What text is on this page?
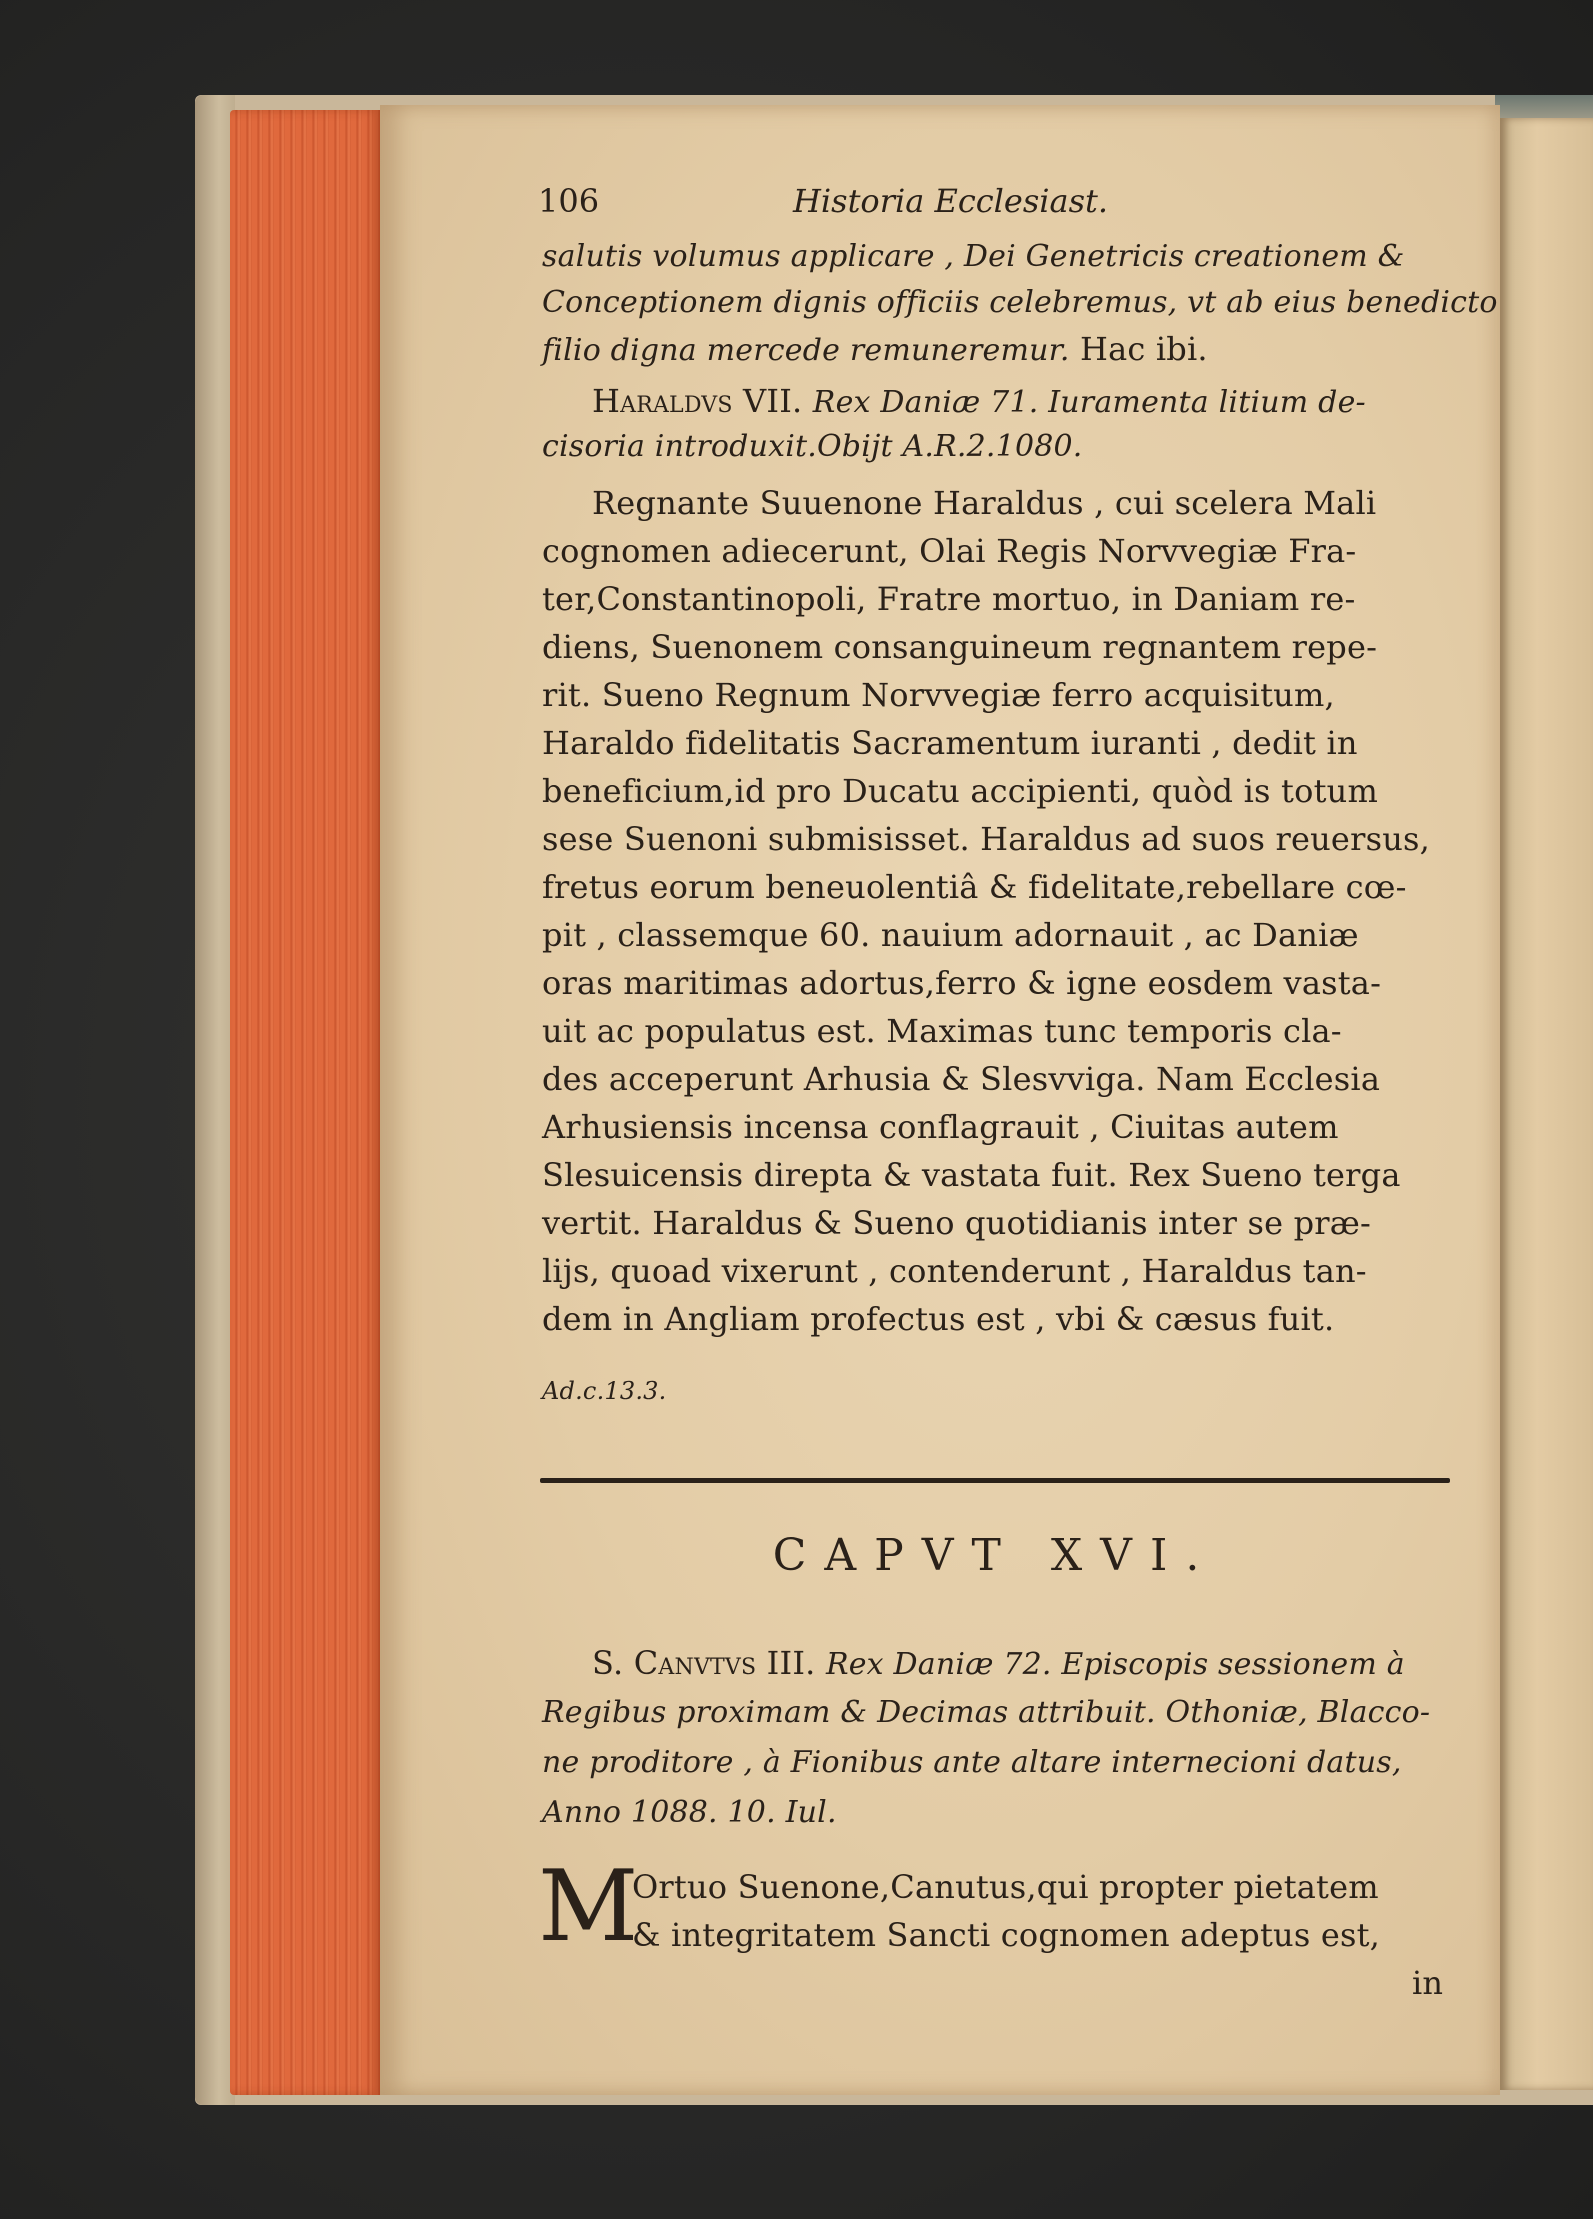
106	Historia Ecclesiast.
salutis volumus applicare , Dei Genetricis creationem &
Conceptionem dignis officiis celebremus, vt ab eius benedicto
filio digna mercede remuneremur. Hac ibi.
Haraldvs VII. Rex Daniæ 71. Iuramenta litium de-
cisoria introduxit.Obijt A.R.2.1080.
Regnante Suuenone Haraldus , cui scelera Mali
cognomen adiecerunt, Olai Regis Norvvegiæ Fra-
ter,Constantinopoli, Fratre mortuo, in Daniam re-
diens, Suenonem consanguineum regnantem repe-
rit. Sueno Regnum Norvvegiæ ferro acquisitum,
Haraldo fidelitatis Sacramentum iuranti , dedit in
beneficium,id pro Ducatu accipienti, quòd is totum
sese Suenoni submisisset. Haraldus ad suos reuersus,
fretus eorum beneuolentiâ & fidelitate,rebellare cœ-
pit , classemque 60. nauium adornauit , ac Daniæ
oras maritimas adortus,ferro & igne eosdem vasta-
uit ac populatus est. Maximas tunc temporis cla-
des acceperunt Arhusia & Slesvviga. Nam Ecclesia
Arhusiensis incensa conflagrauit , Ciuitas autem
Slesuicensis direpta & vastata fuit. Rex Sueno terga
vertit. Haraldus & Sueno quotidianis inter se præ-
lijs, quoad vixerunt , contenderunt , Haraldus tan-
dem in Angliam profectus est , vbi & cæsus fuit.
Ad.c.13.3.
CAPVT XVI.
S. Canvtvs III. Rex Daniæ 72. Episcopis sessionem à
Regibus proximam & Decimas attribuit. Othoniæ, Blacco-
ne proditore , à Fionibus ante altare internecioni datus,
Anno 1088. 10. Iul.
M
Ortuo Suenone,Canutus,qui propter pietatem
& integritatem Sancti cognomen adeptus est,
in
